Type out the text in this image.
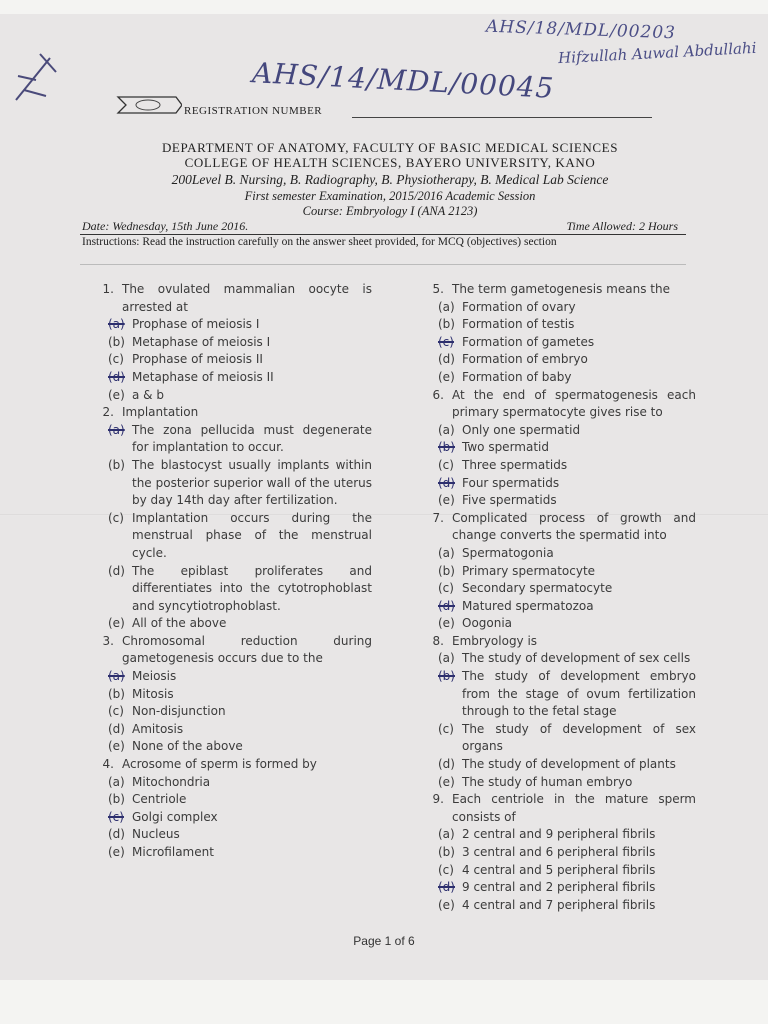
AHS/18/MDL/00203
Hifzullah Auwal Abdullahi
AHS/14/MDL/00045
REGISTRATION NUMBER
DEPARTMENT OF ANATOMY, FACULTY OF BASIC MEDICAL SCIENCES
COLLEGE OF HEALTH SCIENCES, BAYERO UNIVERSITY, KANO
200Level B. Nursing, B. Radiography, B. Physiotherapy, B. Medical Lab Science
First semester Examination, 2015/2016 Academic Session
Course: Embryology I (ANA 2123)
Date: Wednesday, 15th June 2016.	Time Allowed: 2 Hours
Instructions: Read the instruction carefully on the answer sheet provided, for MCQ (objectives) section
1. The ovulated mammalian oocyte is arrested at
(a) Prophase of meiosis I
(b) Metaphase of meiosis I
(c) Prophase of meiosis II
(d) Metaphase of meiosis II
(e) a & b
2. Implantation
(a) The zona pellucida must degenerate for implantation to occur.
(b) The blastocyst usually implants within the posterior superior wall of the uterus by day 14th day after fertilization.
(c) Implantation occurs during the menstrual phase of the menstrual cycle.
(d) The epiblast proliferates and differentiates into the cytotrophoblast and syncytiotrophoblast.
(e) All of the above
3. Chromosomal reduction during gametogenesis occurs due to the
(a) Meiosis
(b) Mitosis
(c) Non-disjunction
(d) Amitosis
(e) None of the above
4. Acrosome of sperm is formed by
(a) Mitochondria
(b) Centriole
(c) Golgi complex
(d) Nucleus
(e) Microfilament
5. The term gametogenesis means the
(a) Formation of ovary
(b) Formation of testis
(c) Formation of gametes
(d) Formation of embryo
(e) Formation of baby
6. At the end of spermatogenesis each primary spermatocyte gives rise to
(a) Only one spermatid
(b) Two spermatid
(c) Three spermatids
(d) Four spermatids
(e) Five spermatids
7. Complicated process of growth and change converts the spermatid into
(a) Spermatogonia
(b) Primary spermatocyte
(c) Secondary spermatocyte
(d) Matured spermatozoa
(e) Oogonia
8. Embryology is
(a) The study of development of sex cells
(b) The study of development embryo from the stage of ovum fertilization through to the fetal stage
(c) The study of development of sex organs
(d) The study of development of plants
(e) The study of human embryo
9. Each centriole in the mature sperm consists of
(a) 2 central and 9 peripheral fibrils
(b) 3 central and 6 peripheral fibrils
(c) 4 central and 5 peripheral fibrils
(d) 9 central and 2 peripheral fibrils
(e) 4 central and 7 peripheral fibrils
Page 1 of 6
